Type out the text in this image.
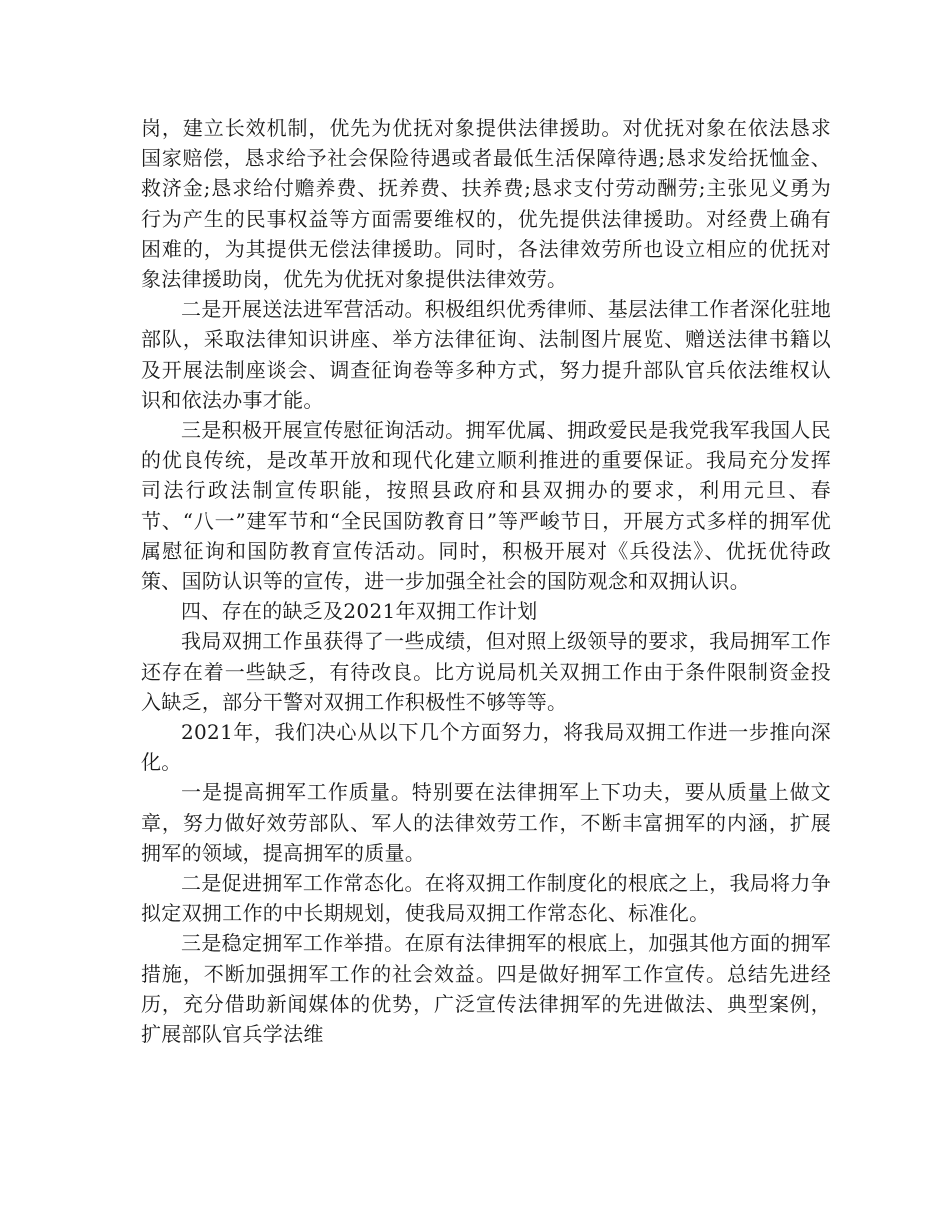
岗，建立长效机制，优先为优抚对象提供法律援助。对优抚对象在依法恳求国家赔偿，恳求给予社会保险待遇或者最低生活保障待遇;恳求发给抚恤金、救济金;恳求给付赡养费、抚养费、扶养费;恳求支付劳动酬劳;主张见义勇为行为产生的民事权益等方面需要维权的，优先提供法律援助。对经费上确有困难的，为其提供无偿法律援助。同时，各法律效劳所也设立相应的优抚对象法律援助岗，优先为优抚对象提供法律效劳。

二是开展送法进军营活动。积极组织优秀律师、基层法律工作者深化驻地部队，采取法律知识讲座、举方法律征询、法制图片展览、赠送法律书籍以及开展法制座谈会、调查征询卷等多种方式，努力提升部队官兵依法维权认识和依法办事才能。

三是积极开展宣传慰征询活动。拥军优属、拥政爱民是我党我军我国人民的优良传统，是改革开放和现代化建立顺利推进的重要保证。我局充分发挥司法行政法制宣传职能，按照县政府和县双拥办的要求，利用元旦、春节、“八一”建军节和“全民国防教育日”等严峻节日，开展方式多样的拥军优属慰征询和国防教育宣传活动。同时，积极开展对《兵役法》、优抚优待政策、国防认识等的宣传，进一步加强全社会的国防观念和双拥认识。

四、存在的缺乏及2021年双拥工作计划

我局双拥工作虽获得了一些成绩，但对照上级领导的要求，我局拥军工作还存在着一些缺乏，有待改良。比方说局机关双拥工作由于条件限制资金投入缺乏，部分干警对双拥工作积极性不够等等。

2021年，我们决心从以下几个方面努力，将我局双拥工作进一步推向深化。

一是提高拥军工作质量。特别要在法律拥军上下功夫，要从质量上做文章，努力做好效劳部队、军人的法律效劳工作，不断丰富拥军的内涵，扩展拥军的领域，提高拥军的质量。

二是促进拥军工作常态化。在将双拥工作制度化的根底之上，我局将力争拟定双拥工作的中长期规划，使我局双拥工作常态化、标准化。

三是稳定拥军工作举措。在原有法律拥军的根底上，加强其他方面的拥军措施，不断加强拥军工作的社会效益。四是做好拥军工作宣传。总结先进经历，充分借助新闻媒体的优势，广泛宣传法律拥军的先进做法、典型案例，扩展部队官兵学法维
